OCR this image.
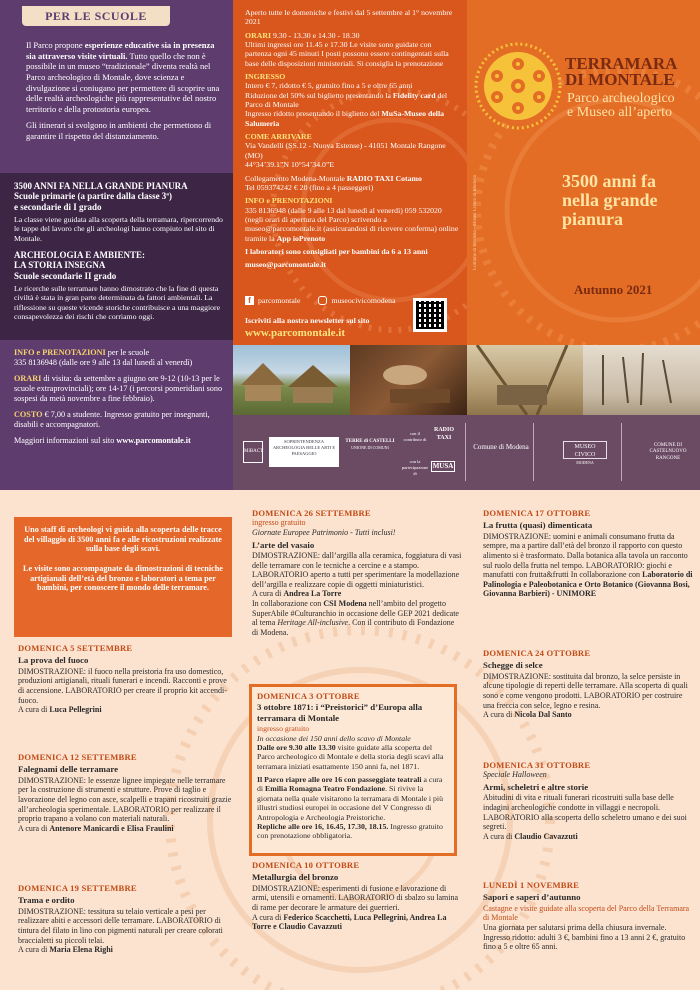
PER LE SCUOLE

Il Parco propone esperienze educative sia in presenza sia attraverso visite virtuali. Tutto quello che non è possibile in un museo “tradizionale” diventa realtà nel Parco archeologico di Montale, dove scienza e divulgazione si coniugano per permettere di scoprire una delle realtà archeologiche più rappresentative del nostro territorio e della protostoria europea.

Gli itinerari si svolgono in ambienti che permettono di garantire il rispetto del distanziamento.

3500 ANNI FA NELLA GRANDE PIANURA
Scuole primarie (a partire dalla classe 3ª)
e secondarie di I grado

La classe viene guidata alla scoperta della terramara, ripercorrendo le tappe del lavoro che gli archeologi hanno compiuto nel sito di Montale.

ARCHEOLOGIA E AMBIENTE:
LA STORIA INSEGNA
Scuole secondarie II grado

Le ricerche sulle terramare hanno dimostrato che la fine di questa civiltà è stata in gran parte determinata da fattori ambientali. La riflessione su queste vicende storiche contribuisce a una maggiore consapevolezza dei rischi che corriamo oggi.

INFO e PRENOTAZIONI per le scuole
335 8136948 (dalle ore 9 alle 13 dal lunedì al venerdì)

ORARI di visita: da settembre a giugno ore 9-12 (10-13 per le scuole extraprovinciali); ore 14-17 (i percorsi pomeridiani sono sospesi da metà novembre a fine febbraio).

COSTO € 7,00 a studente. Ingresso gratuito per insegnanti, disabili e accompagnatori.

Maggiori informazioni sul sito www.parcomontale.it

Aperto tutte le domeniche e festivi dal 5 settembre al 1° novembre 2021

ORARI 9.30 - 13.30 e 14.30 - 18.30
Ultimi ingressi ore 11.45 e 17.30 Le visite sono guidate con partenza ogni 45 minuti I posti possono essere contingentati sulla base delle disposizioni ministeriali. Si consiglia la prenotazione

INGRESSO
Intero € 7, ridotto € 5, gratuito fino a 5 e oltre 65 anni
Riduzione del 50% sul biglietto presentando la Fidelity card del Parco di Montale
Ingresso ridotto presentando il biglietto del MuSa-Museo della Salumeria

COME ARRIVARE
Via Vandelli (SS.12 - Nuova Estense) - 41051 Montale Rangone (MO)
44°34’39.1”N 10°54’34.0”E

Collegamento Modena-Montale RADIO TAXI Cotamo
Tel 059374242 € 20 (fino a 4 passeggeri)

INFO e PRENOTAZIONI
335 8136948 (dalle 9 alle 13 dal lunedì al venerdì) 059 532020 (negli orari di apertura del Parco) scrivendo a museo@parcomontale.it (assicurandosi di ricevere conferma) online tramite la App ioPrenoto

I laboratori sono consigliati per bambini da 6 a 13 anni

museo@parcomontale.it

f parcomontale	museocivicomodena
Iscriviti alla nostra newsletter sul sito
www.parcomontale.it
Comune di Modena - Museo Civico di Modena
TERRAMARA
DI MONTALE
Parco archeologico
e Museo all’aperto
3500 anni fa
nella grande
pianura
Autunno 2021
MiBACT
SOPRINTENDENZA ARCHEOLOGIA BELLE ARTI E PAESAGGIO
TERRE di CASTELLI
UNIONE DI COMUNI
con il contributo di
RADIO TAXI
con la partecipazione di
MUSA
Comune di Modena	MUSEO CIVICO
MODENA
COMUNE DI CASTELNUOVO RANGONE

Uno staff di archeologi vi guida alla scoperta delle tracce del villaggio di 3500 anni fa e alle ricostruzioni realizzate sulla base degli scavi.

Le visite sono accompagnate da dimostrazioni di tecniche artigianali dell’età del bronzo e laboratori a tema per bambini, per conoscere il mondo delle terramare.

DOMENICA 5 SETTEMBRE
La prova del fuoco

DIMOSTRAZIONE: il fuoco nella preistoria fra uso domestico, produzioni artigianali, rituali funerari e incendi. Racconti e prove di accensione. LABORATORIO per creare il proprio kit accendi-fuoco.

A cura di Luca Pellegrini

DOMENICA 12 SETTEMBRE
Falegnami delle terramare

DIMOSTRAZIONE: le essenze lignee impiegate nelle terramare per la costruzione di strumenti e strutture. Prove di taglio e lavorazione del legno con asce, scalpelli e trapani ricostruiti grazie all’archeologia sperimentale. LABORATORIO per realizzare il proprio trapano a volano con materiali naturali.

A cura di Antenore Manicardi e Elisa Fraulini

DOMENICA 19 SETTEMBRE
Trama e ordito

DIMOSTRAZIONE: tessitura su telaio verticale a pesi per realizzare abiti e accessori delle terramare. LABORATORIO di tintura del filato in lino con pigmenti naturali per creare colorati braccialetti su piccoli telai.

A cura di Maria Elena Righi

DOMENICA 26 SETTEMBRE
ingresso gratuito
Giornate Europee Patrimonio - Tutti inclusi!
L’arte del vasaio

DIMOSTRAZIONE: dall’argilla alla ceramica, foggiatura di vasi delle terramare con le tecniche a cercine e a stampo. LABORATORIO aperto a tutti per sperimentare la modellazione dell’argilla e realizzare copie di oggetti miniaturistici.

A cura di Andrea La Torre

In collaborazione con CSI Modena nell’ambito del progetto SuperAbile #Culturanchio in occasione delle GEP 2021 dedicate al tema Heritage All-inclusive. Con il contributo di Fondazione di Modena.

DOMENICA 3 OTTOBRE
3 ottobre 1871: i “Preistorici” d’Europa alla terramara di Montale
ingresso gratuito
In occasione dei 150 anni dello scavo di Montale

Dalle ore 9.30 alle 13.30 visite guidate alla scoperta del Parco archeologico di Montale e della storia degli scavi alla terramara iniziati esattamente 150 anni fa, nel 1871.

Il Parco riapre alle ore 16 con passeggiate teatrali a cura di Emilia Romagna Teatro Fondazione. Si rivive la giornata nella quale visitarono la terramara di Montale i più illustri studiosi europei in occasione del V Congresso di Antropologia e Archeologia Preistoriche.

Repliche alle ore 16, 16.45, 17.30, 18.15. Ingresso gratuito con prenotazione obbligatoria.

DOMENICA 10 OTTOBRE
Metallurgia del bronzo

DIMOSTRAZIONE: esperimenti di fusione e lavorazione di armi, utensili e ornamenti. LABORATORIO di sbalzo su lamina di rame per decorare le armature dei guerrieri.

A cura di Federico Scacchetti, Luca Pellegrini, Andrea La Torre e Claudio Cavazzuti

DOMENICA 17 OTTOBRE
La frutta (quasi) dimenticata

DIMOSTRAZIONE: uomini e animali consumano frutta da sempre, ma a partire dall’età del bronzo il rapporto con questo alimento si è trasformato. Dalla botanica alla tavola un racconto sul ruolo della frutta nel tempo. LABORATORIO: giochi e manufatti con frutta&frutti In collaborazione con Laboratorio di Palinologia e Paleobotanica e Orto Botanico (Giovanna Bosi, Giovanna Barbieri) - UNIMORE

DOMENICA 24 OTTOBRE
Schegge di selce

DIMOSTRAZIONE: sostituita dal bronzo, la selce persiste in alcune tipologie di reperti delle terramare. Alla scoperta di quali sono e come vengono prodotti. LABORATORIO per costruire una freccia con selce, legno e resina.

A cura di Nicola Dal Santo

DOMENICA 31 OTTOBRE
Speciale Halloween
Armi, scheletri e altre storie

Abitudini di vita e rituali funerari ricostruiti sulla base delle indagini archeologiche condotte in villaggi e necropoli. LABORATORIO alla scoperta dello scheletro umano e dei suoi segreti.

A cura di Claudio Cavazzuti

LUNEDÌ 1 NOVEMBRE
Sapori e saperi d’autunno

Castagne e visite guidate alla scoperta del Parco della Terramara di Montale

Una giornata per salutarsi prima della chiusura invernale. Ingresso ridotto: adulti 3 €, bambini fino a 13 anni 2 €, gratuito fino a 5 e oltre 65 anni.
